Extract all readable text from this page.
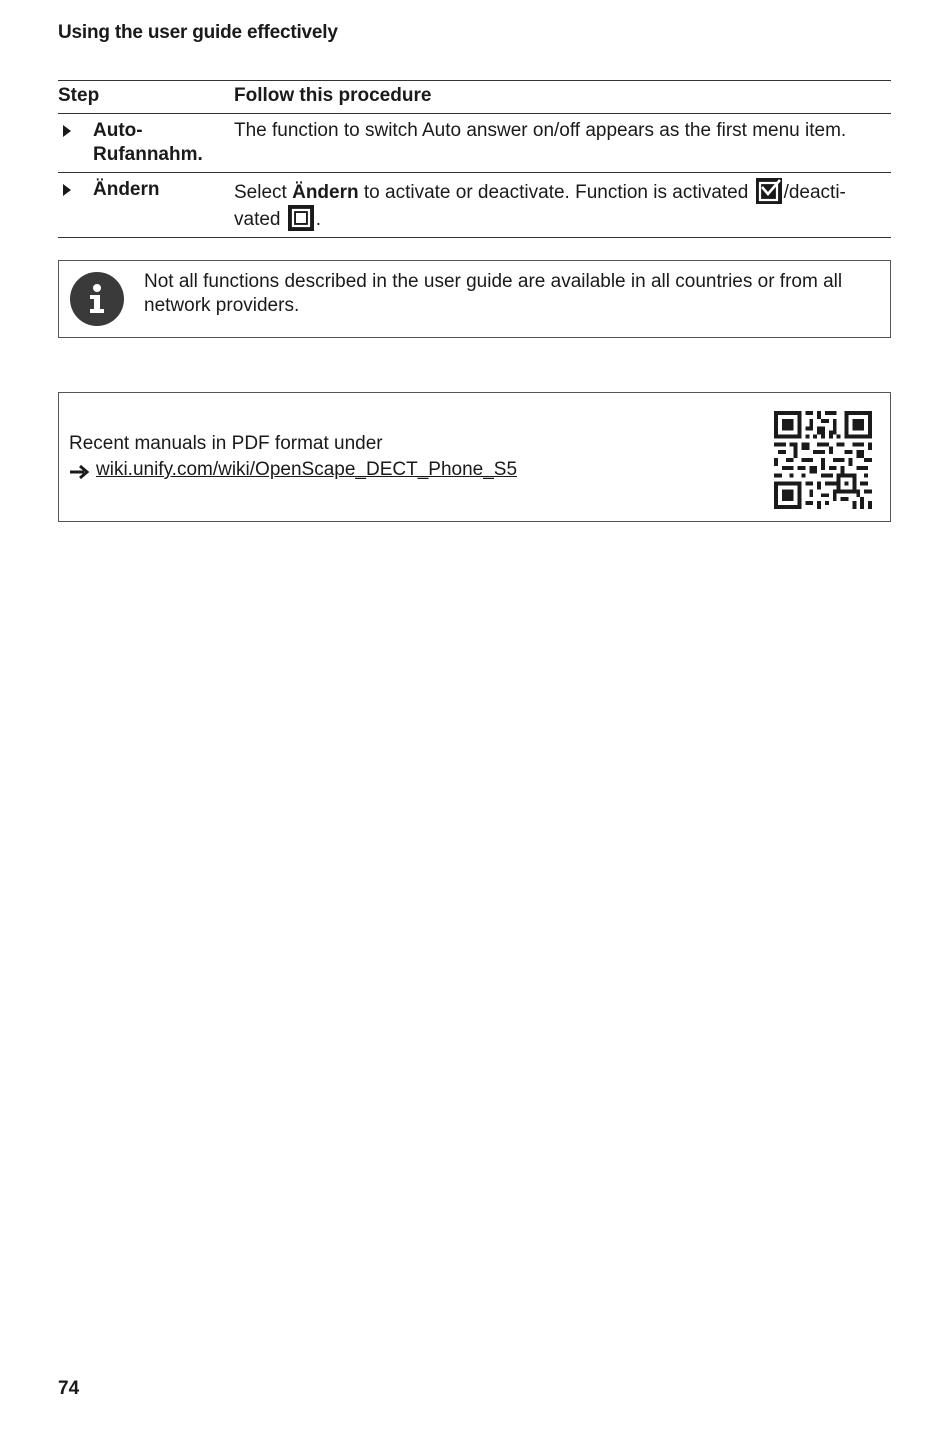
Using the user guide effectively
Step	Follow this procedure

Auto-
Rufannahm.	The function to switch Auto answer on/off appears as the first menu item.

Ändern	Select Ändern to activate or deactivate. Function is activated
/deacti-
vated
.
Not all functions described in the user guide are available in all countries or from all
network providers.
Recent manuals in PDF format under
wiki.unify.com/wiki/OpenScape_DECT_Phone_S5
74
